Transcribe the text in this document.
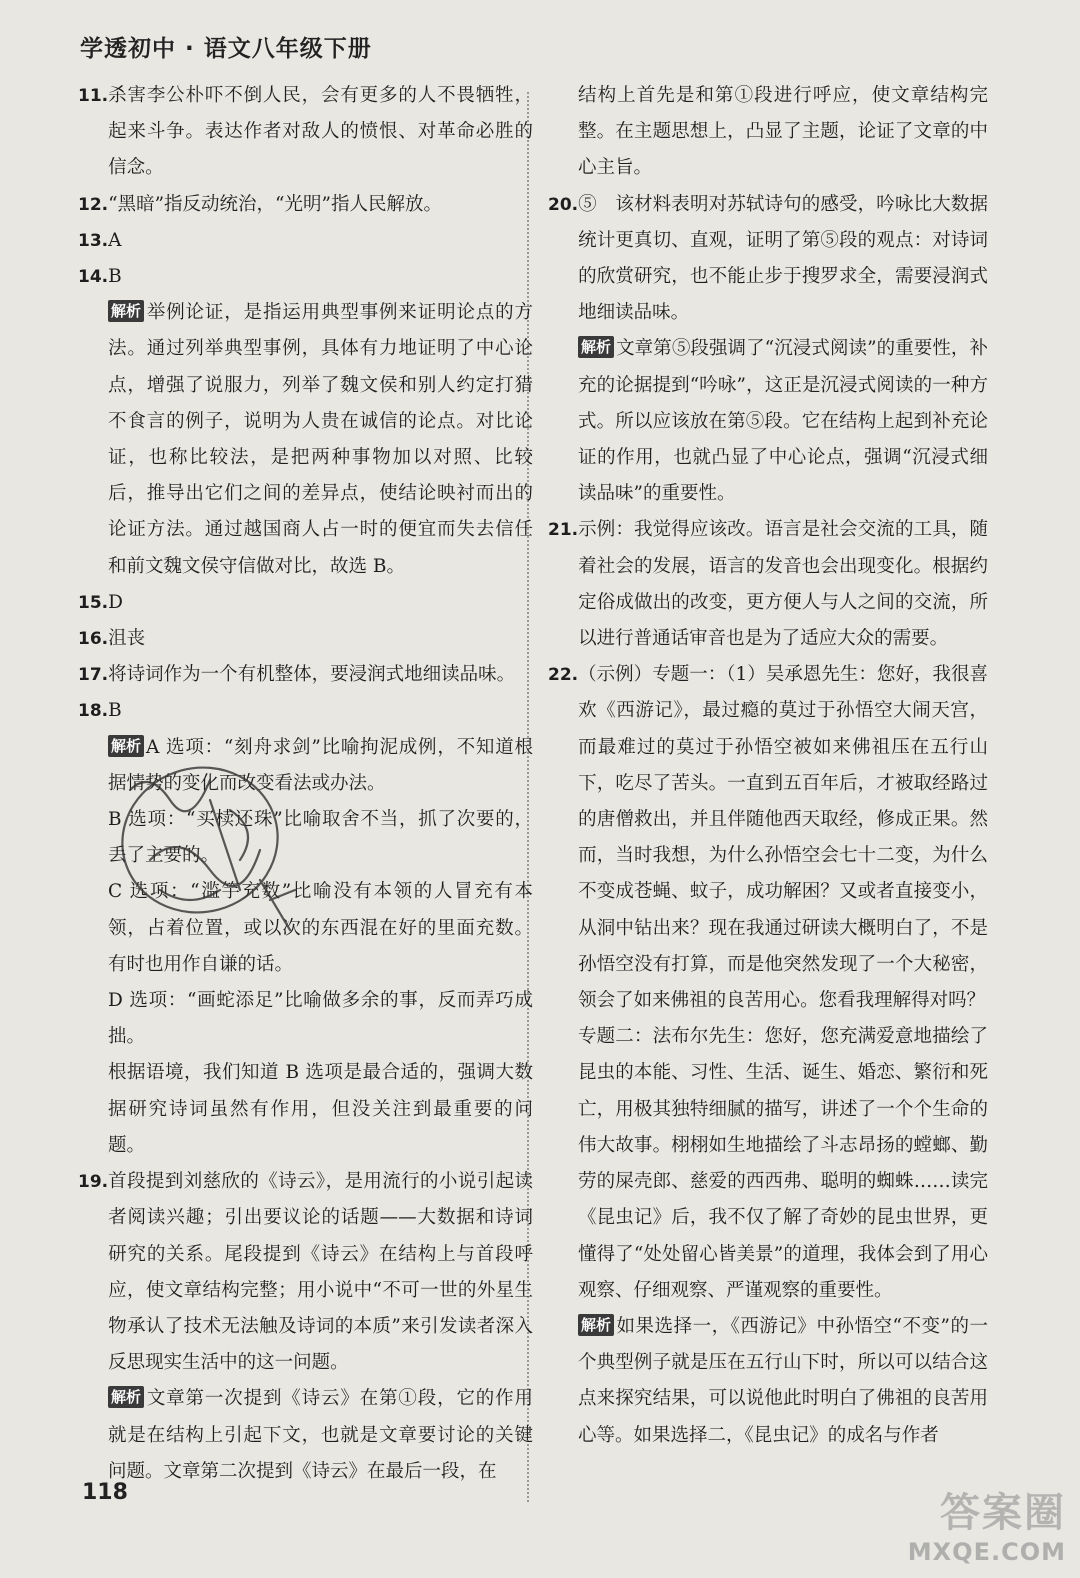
学透初中 · 语文八年级下册
11. 杀害李公朴吓不倒人民，会有更多的人不畏牺牲，起来斗争。表达作者对敌人的愤恨、对革命必胜的信念。
12. “黑暗”指反动统治，“光明”指人民解放。
13. A
14. B
解析 举例论证，是指运用典型事例来证明论点的方法。通过列举典型事例，具体有力地证明了中心论点，增强了说服力，列举了魏文侯和别人约定打猎不食言的例子，说明为人贵在诚信的论点。对比论证，也称比较法，是把两种事物加以对照、比较后，推导出它们之间的差异点，使结论映衬而出的论证方法。通过越国商人占一时的便宜而失去信任和前文魏文侯守信做对比，故选 B。
15. D
16. 沮丧
17. 将诗词作为一个有机整体，要浸润式地细读品味。
18. B
解析 A 选项：“刻舟求剑”比喻拘泥成例，不知道根据情势的变化而改变看法或办法。
B 选项：“买椟还珠”比喻取舍不当，抓了次要的，丢了主要的。
C 选项：“滥竽充数”比喻没有本领的人冒充有本领，占着位置，或以次的东西混在好的里面充数。有时也用作自谦的话。
D 选项：“画蛇添足”比喻做多余的事，反而弄巧成拙。
根据语境，我们知道 B 选项是最合适的，强调大数据研究诗词虽然有作用，但没关注到最重要的问题。
19. 首段提到刘慈欣的《诗云》，是用流行的小说引起读者阅读兴趣；引出要议论的话题——大数据和诗词研究的关系。尾段提到《诗云》在结构上与首段呼应，使文章结构完整；用小说中“不可一世的外星生物承认了技术无法触及诗词的本质”来引发读者深入反思现实生活中的这一问题。
解析 文章第一次提到《诗云》在第①段，它的作用就是在结构上引起下文，也就是文章要讨论的关键问题。文章第二次提到《诗云》在最后一段，在
结构上首先是和第①段进行呼应，使文章结构完整。在主题思想上，凸显了主题，论证了文章的中心主旨。
20. ⑤　该材料表明对苏轼诗句的感受，吟咏比大数据统计更真切、直观，证明了第⑤段的观点：对诗词的欣赏研究，也不能止步于搜罗求全，需要浸润式地细读品味。
解析 文章第⑤段强调了“沉浸式阅读”的重要性，补充的论据提到“吟咏”，这正是沉浸式阅读的一种方式。所以应该放在第⑤段。它在结构上起到补充论证的作用，也就凸显了中心论点，强调“沉浸式细读品味”的重要性。
21. 示例：我觉得应该改。语言是社会交流的工具，随着社会的发展，语言的发音也会出现变化。根据约定俗成做出的改变，更方便人与人之间的交流，所以进行普通话审音也是为了适应大众的需要。
22. （示例）专题一：（1）吴承恩先生：您好，我很喜欢《西游记》，最过瘾的莫过于孙悟空大闹天宫，而最难过的莫过于孙悟空被如来佛祖压在五行山下，吃尽了苦头。一直到五百年后，才被取经路过的唐僧救出，并且伴随他西天取经，修成正果。然而，当时我想，为什么孙悟空会七十二变，为什么不变成苍蝇、蚊子，成功解困？又或者直接变小，从洞中钻出来？现在我通过研读大概明白了，不是孙悟空没有打算，而是他突然发现了一个大秘密，领会了如来佛祖的良苦用心。您看我理解得对吗？
专题二：法布尔先生：您好，您充满爱意地描绘了昆虫的本能、习性、生活、诞生、婚恋、繁衍和死亡，用极其独特细腻的描写，讲述了一个个生命的伟大故事。栩栩如生地描绘了斗志昂扬的螳螂、勤劳的屎壳郎、慈爱的西西弗、聪明的蜘蛛……读完《昆虫记》后，我不仅了解了奇妙的昆虫世界，更懂得了“处处留心皆美景”的道理，我体会到了用心观察、仔细观察、严谨观察的重要性。
解析 如果选择一，《西游记》中孙悟空“不变”的一个典型例子就是压在五行山下时，所以可以结合这点来探究结果，可以说他此时明白了佛祖的良苦用心等。如果选择二，《昆虫记》的成名与作者
118	答案圈
MXQE.COM
